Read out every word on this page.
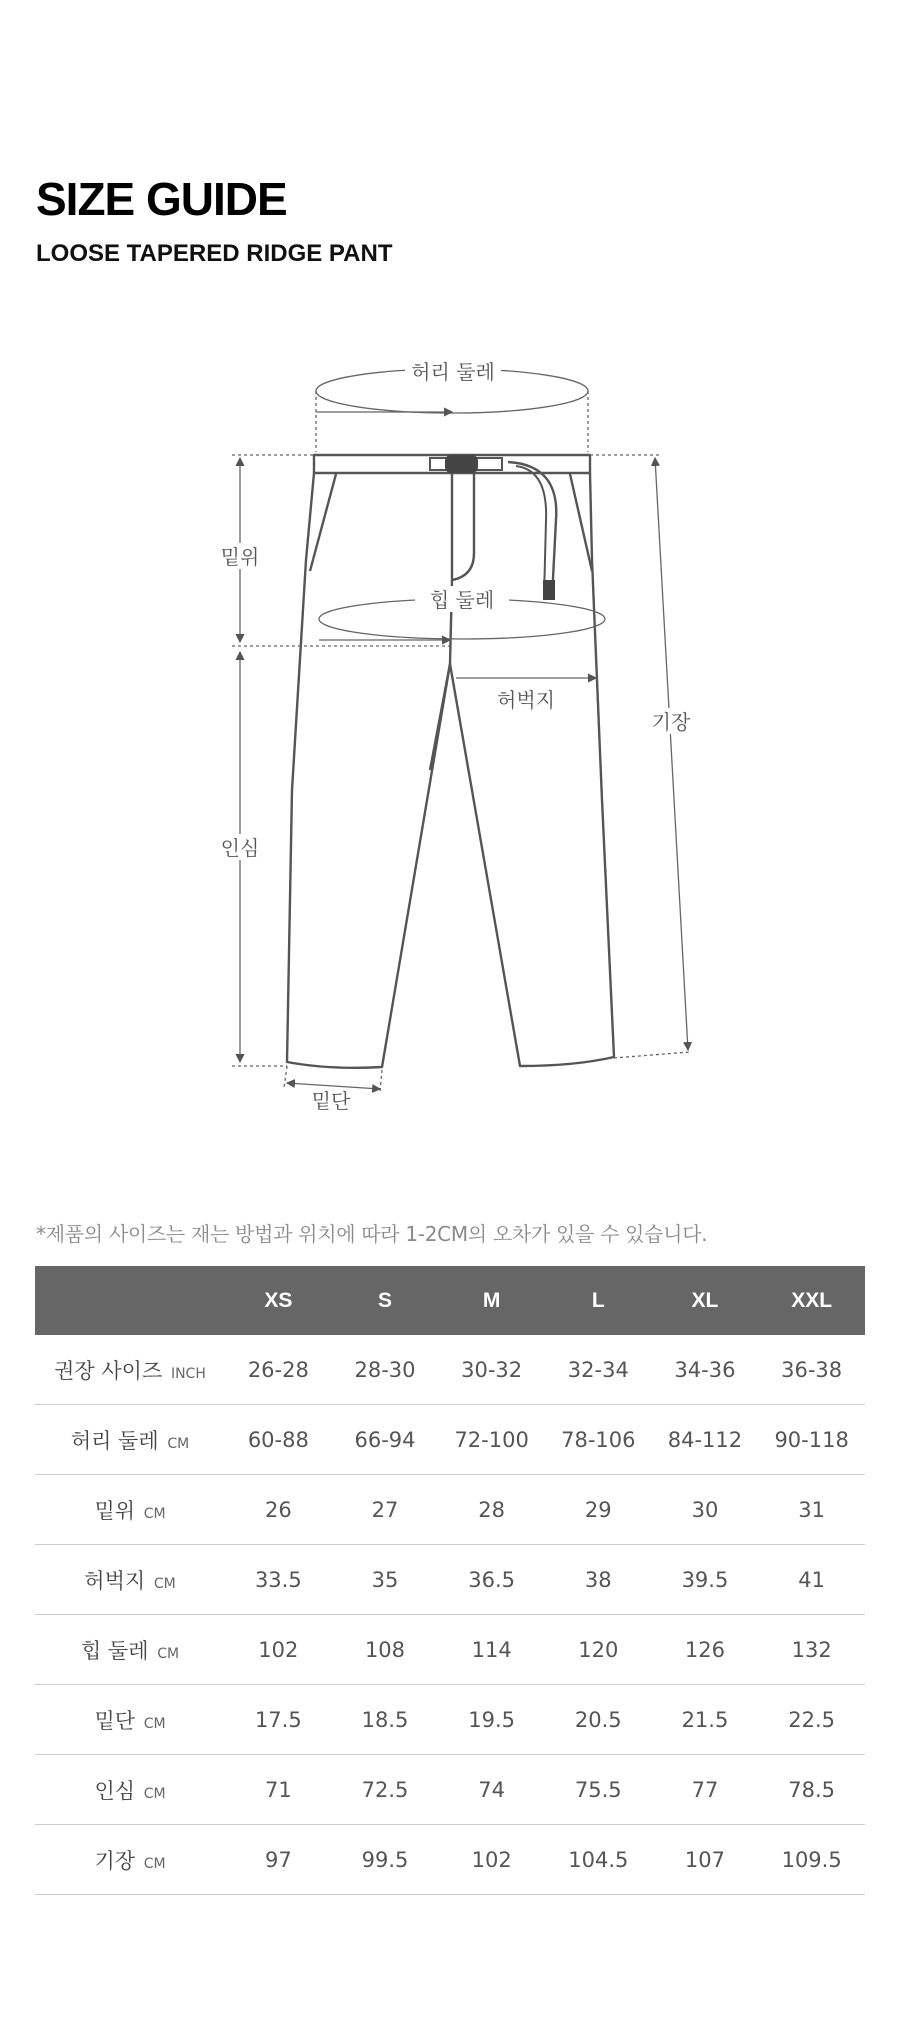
SIZE GUIDE
LOOSE TAPERED RIDGE PANT
허리 둘레
힙 둘레
밑위
인심
허벅지
기장
밑단
*제품의 사이즈는 재는 방법과 위치에 따라 1-2CM의 오차가 있을 수 있습니다.
	XS	S	M	L	XL	XXL
권장 사이즈 INCH	26-28	28-30	30-32	32-34	34-36	36-38
허리 둘레 CM	60-88	66-94	72-100	78-106	84-112	90-118
밑위 CM	26	27	28	29	30	31
허벅지 CM	33.5	35	36.5	38	39.5	41
힙 둘레 CM	102	108	114	120	126	132
밑단 CM	17.5	18.5	19.5	20.5	21.5	22.5
인심 CM	71	72.5	74	75.5	77	78.5
기장 CM	97	99.5	102	104.5	107	109.5
